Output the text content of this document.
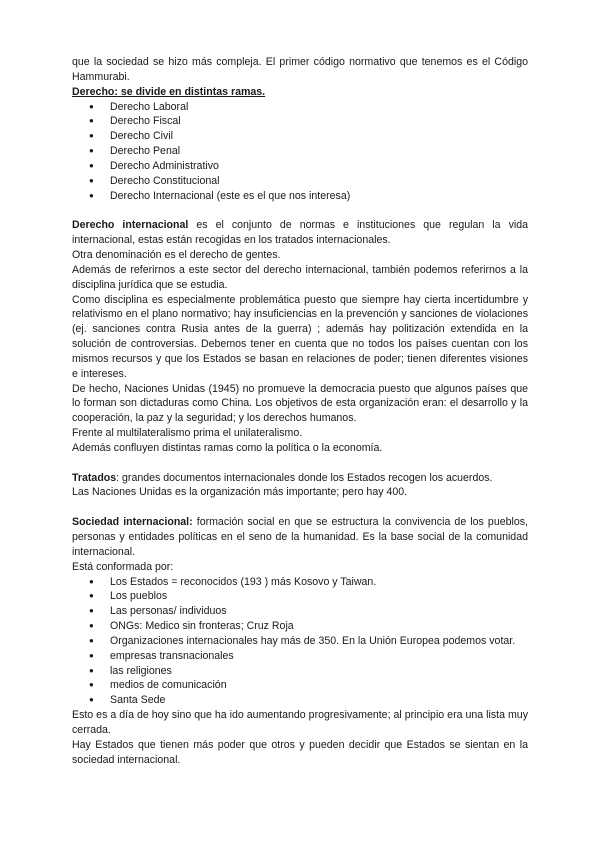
que la sociedad se hizo más compleja. El primer código normativo que tenemos es el Código Hammurabi.

Derecho: se divide en distintas ramas.

● Derecho Laboral
● Derecho Fiscal
● Derecho Civil
● Derecho Penal
● Derecho Administrativo
● Derecho Constitucional
● Derecho Internacional (este es el que nos interesa)

Derecho internacional es el conjunto de normas e instituciones que regulan la vida internacional, estas están recogidas en los tratados internacionales.

Otra denominación es el derecho de gentes.

Además de referirnos a este sector del derecho internacional, también podemos referirnos a la disciplina jurídica que se estudia.

Como disciplina es especialmente problemática puesto que siempre hay cierta incertidumbre y relativismo en el plano normativo; hay insuficiencias en la prevención y sanciones de violaciones (ej. sanciones contra Rusia antes de la guerra) ; además hay politización extendida en la solución de controversias. Debemos tener en cuenta que no todos los países cuentan con los mismos recursos y que los Estados se basan en relaciones de poder; tienen diferentes visiones e intereses.

De hecho, Naciones Unidas (1945) no promueve la democracia puesto que algunos países que lo forman son dictaduras como China. Los objetivos de esta organización eran: el desarrollo y la cooperación, la paz y la seguridad; y los derechos humanos.

Frente al multilateralismo prima el unilateralismo.

Además confluyen distintas ramas como la política o la economía.

Tratados: grandes documentos internacionales donde los Estados recogen los acuerdos.

Las Naciones Unidas es la organización más importante; pero hay 400.

Sociedad internacional: formación social en que se estructura la convivencia de los pueblos, personas y entidades políticas en el seno de la humanidad. Es la base social de la comunidad internacional.

Está conformada por:

● Los Estados = reconocidos (193 ) más Kosovo y Taiwan.
● Los pueblos
● Las personas/ individuos
● ONGs: Medico sin fronteras; Cruz Roja
● Organizaciones internacionales hay más de 350. En la Unión Europea podemos votar.
● empresas transnacionales
● las religiones
● medios de comunicación
● Santa Sede

Esto es a día de hoy sino que ha ido aumentando progresivamente; al principio era una lista muy cerrada.

Hay Estados que tienen más poder que otros y pueden decidir que Estados se sientan en la sociedad internacional.
